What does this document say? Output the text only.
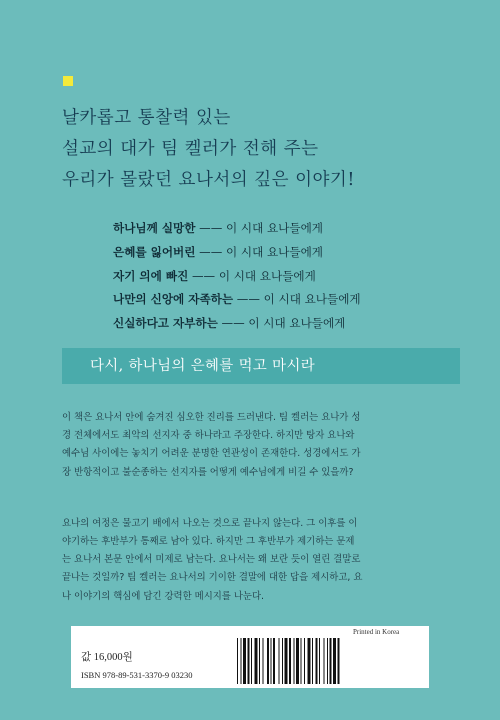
날카롭고 통찰력 있는
설교의 대가 팀 켈러가 전해 주는
우리가 몰랐던 요나서의 깊은 이야기!
하나님께 실망한 —— 이 시대 요나들에게
은혜를 잃어버린 —— 이 시대 요나들에게
자기 의에 빠진 —— 이 시대 요나들에게
나만의 신앙에 자족하는 —— 이 시대 요나들에게
신실하다고 자부하는 —— 이 시대 요나들에게
다시, 하나님의 은혜를 먹고 마시라

이 책은 요나서 안에 숨겨진 심오한 진리를 드러낸다. 팀 켈러는 요나가 성
경 전체에서도 최악의 선지자 중 하나라고 주장한다. 하지만 탕자 요나와
예수님 사이에는 놓치기 어려운 분명한 연관성이 존재한다. 성경에서도 가
장 반항적이고 불순종하는 선지자를 어떻게 예수님에게 비길 수 있을까?

요나의 여정은 물고기 배에서 나오는 것으로 끝나지 않는다. 그 이후를 이
야기하는 후반부가 통째로 남아 있다. 하지만 그 후반부가 제기하는 문제
는 요나서 본문 안에서 미제로 남는다. 요나서는 왜 보란 듯이 열린 결말로
끝나는 것일까? 팀 켈러는 요나서의 기이한 결말에 대한 답을 제시하고, 요
나 이야기의 핵심에 담긴 강력한 메시지를 나눈다.

Printed in Korea
값 16,000원
ISBN 978-89-531-3370-9 03230
